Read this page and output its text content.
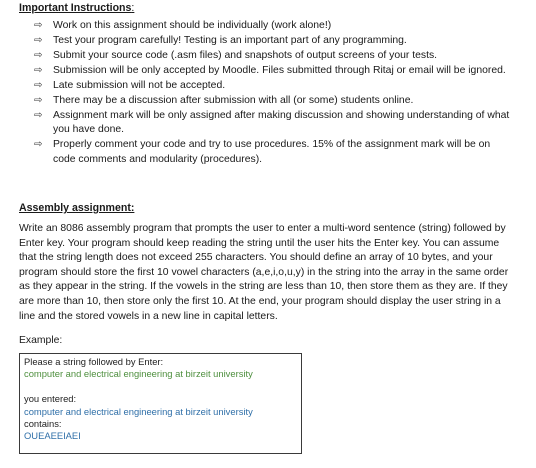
Important Instructions:
⇨ Work on this assignment should be individually (work alone!)
⇨ Test your program carefully! Testing is an important part of any programming.
⇨ Submit your source code (.asm files) and snapshots of output screens of your tests.
⇨ Submission will be only accepted by Moodle. Files submitted through Ritaj or email will be ignored.
⇨ Late submission will not be accepted.
⇨ There may be a discussion after submission with all (or some) students online.
⇨ Assignment mark will be only assigned after making discussion and showing understanding of what you have done.
⇨ Properly comment your code and try to use procedures. 15% of the assignment mark will be on code comments and modularity (procedures).
Assembly assignment:

Write an 8086 assembly program that prompts the user to enter a multi-word sentence (string) followed by Enter key. Your program should keep reading the string until the user hits the Enter key. You can assume that the string length does not exceed 255 characters. You should define an array of 10 bytes, and your program should store the first 10 vowel characters (a,e,i,o,u,y) in the string into the array in the same order as they appear in the string. If the vowels in the string are less than 10, then store them as they are. If they are more than 10, then store only the first 10. At the end, your program should display the user string in a line and the stored vowels in a new line in capital letters.

Example:
Please a string followed by Enter:
computer and electrical engineering at birzeit university
you entered:
computer and electrical engineering at birzeit university
contains:
OUEAEEIAEI
